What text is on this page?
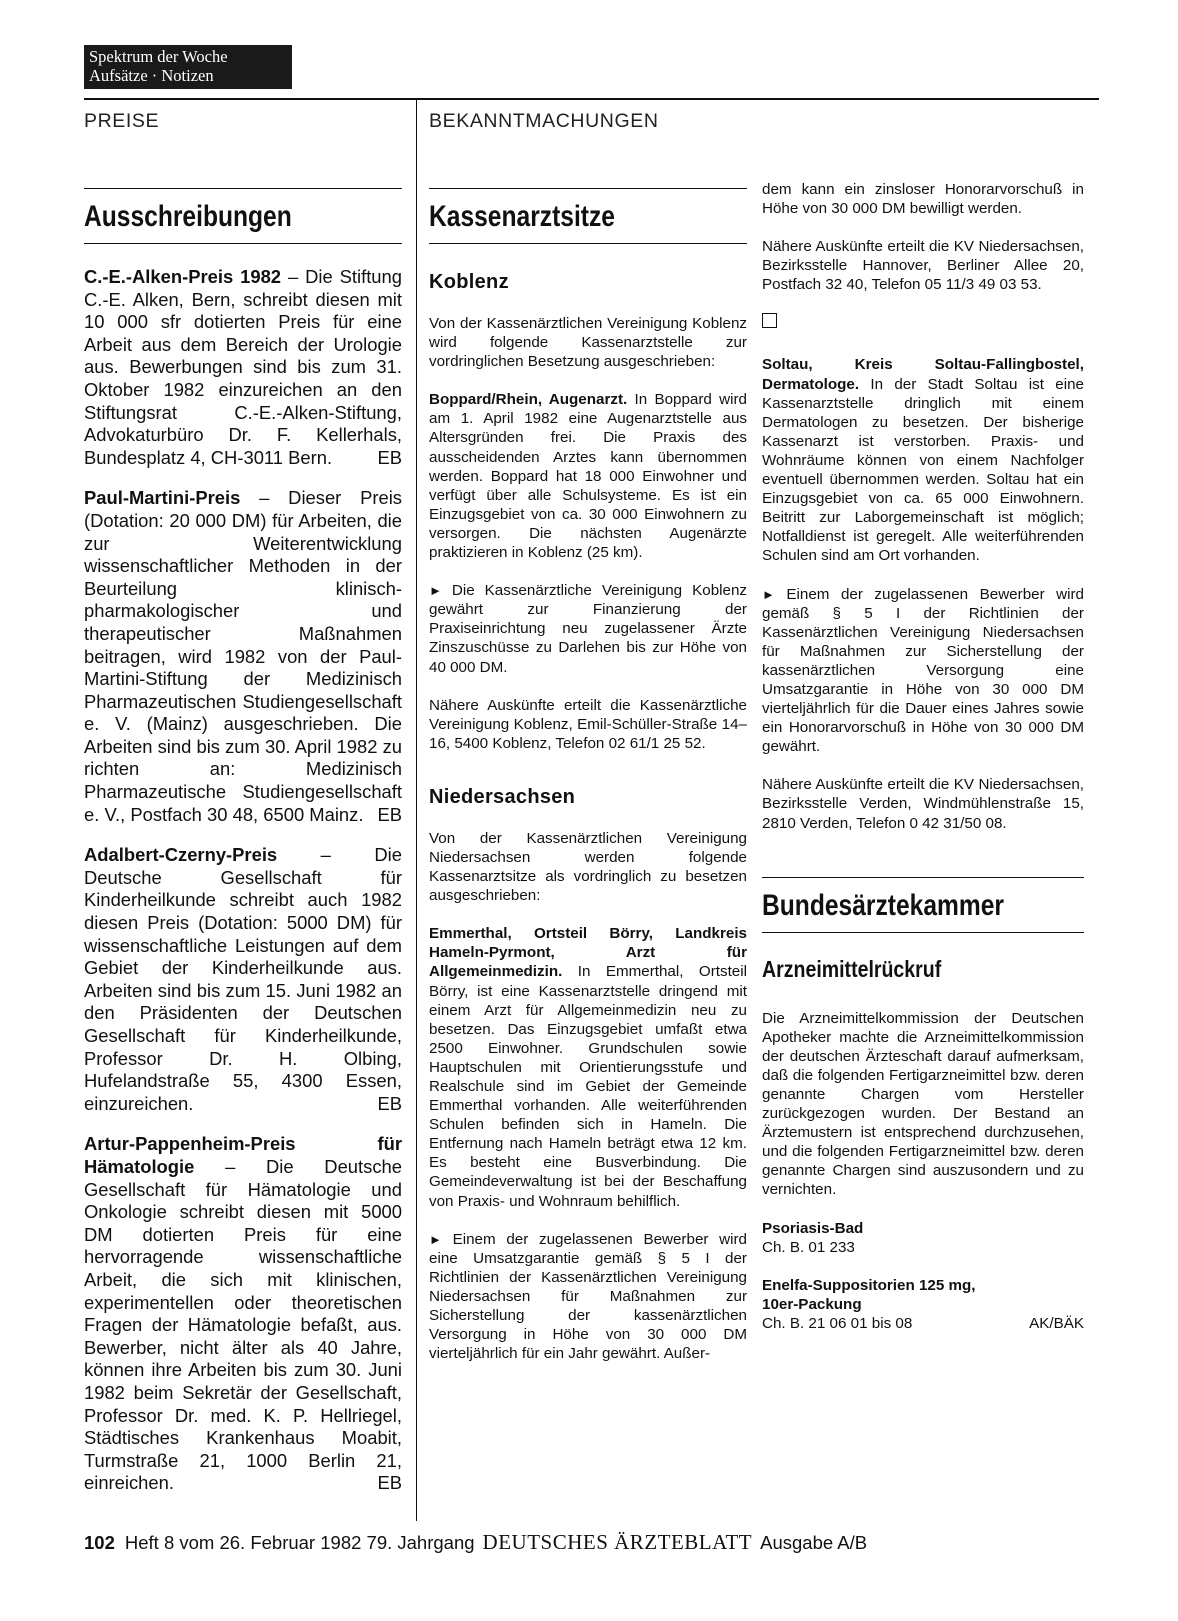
Spektrum der Woche
Aufsätze · Notizen
PREISE	BEKANNTMACHUNGEN
Ausschreibungen

C.-E.-Alken-Preis 1982 – Die Stiftung C.-E. Alken, Bern, schreibt diesen mit 10 000 sfr dotierten Preis für eine Arbeit aus dem Bereich der Urologie aus. Bewerbungen sind bis zum 31. Oktober 1982 einzureichen an den Stiftungsrat C.-E.-Alken-Stiftung, Advokaturbüro Dr. F. Kellerhals, Bundesplatz 4, CH-3011 Bern. EB

Paul-Martini-Preis – Dieser Preis (Dotation: 20 000 DM) für Arbeiten, die zur Weiterentwicklung wissenschaftlicher Methoden in der Beurteilung klinisch-pharmakologischer und therapeutischer Maßnahmen beitragen, wird 1982 von der Paul-Martini-Stiftung der Medizinisch Pharmazeutischen Studiengesellschaft e. V. (Mainz) ausgeschrieben. Die Arbeiten sind bis zum 30. April 1982 zu richten an: Medizinisch Pharmazeutische Studiengesellschaft e. V., Postfach 30 48, 6500 Mainz. EB

Adalbert-Czerny-Preis – Die Deutsche Gesellschaft für Kinderheilkunde schreibt auch 1982 diesen Preis (Dotation: 5000 DM) für wissenschaftliche Leistungen auf dem Gebiet der Kinderheilkunde aus. Arbeiten sind bis zum 15. Juni 1982 an den Präsidenten der Deutschen Gesellschaft für Kinderheilkunde, Professor Dr. H. Olbing, Hufelandstraße 55, 4300 Essen, einzureichen.	EB

Artur-Pappenheim-Preis für Hämatologie – Die Deutsche Gesellschaft für Hämatologie und Onkologie schreibt diesen mit 5000 DM dotierten Preis für eine hervorragende wissenschaftliche Arbeit, die sich mit klinischen, experimentellen oder theoretischen Fragen der Hämatologie befaßt, aus. Bewerber, nicht älter als 40 Jahre, können ihre Arbeiten bis zum 30. Juni 1982 beim Sekretär der Gesellschaft, Professor Dr. med. K. P. Hellriegel, Städtisches Krankenhaus Moabit, Turmstraße 21, 1000 Berlin 21, einreichen.	EB

Kassenarztsitze
Koblenz

Von der Kassenärztlichen Vereinigung Koblenz wird folgende Kassenarztstelle zur vordringlichen Besetzung ausgeschrieben:

Boppard/Rhein, Augenarzt. In Boppard wird am 1. April 1982 eine Augenarztstelle aus Altersgründen frei. Die Praxis des ausscheidenden Arztes kann übernommen werden. Boppard hat 18 000 Einwohner und verfügt über alle Schulsysteme. Es ist ein Einzugsgebiet von ca. 30 000 Einwohnern zu versorgen. Die nächsten Augenärzte praktizieren in Koblenz (25 km).

► Die Kassenärztliche Vereinigung Koblenz gewährt zur Finanzierung der Praxiseinrichtung neu zugelassener Ärzte Zinszuschüsse zu Darlehen bis zur Höhe von 40 000 DM.

Nähere Auskünfte erteilt die Kassenärztliche Vereinigung Koblenz, Emil-Schüller-Straße 14–16, 5400 Koblenz, Telefon 02 61/1 25 52.

Niedersachsen

Von der Kassenärztlichen Vereinigung Niedersachsen werden folgende Kassenarztsitze als vordringlich zu besetzen ausgeschrieben:

Emmerthal, Ortsteil Börry, Landkreis Hameln-Pyrmont, Arzt für Allgemeinmedizin. In Emmerthal, Ortsteil Börry, ist eine Kassenarztstelle dringend mit einem Arzt für Allgemeinmedizin neu zu besetzen. Das Einzugsgebiet umfaßt etwa 2500 Einwohner. Grundschulen sowie Hauptschulen mit Orientierungsstufe und Realschule sind im Gebiet der Gemeinde Emmerthal vorhanden. Alle weiterführenden Schulen befinden sich in Hameln. Die Entfernung nach Hameln beträgt etwa 12 km. Es besteht eine Busverbindung. Die Gemeindeverwaltung ist bei der Beschaffung von Praxis- und Wohnraum behilflich.

► Einem der zugelassenen Bewerber wird eine Umsatzgarantie gemäß § 5 I der Richtlinien der Kassenärztlichen Vereinigung Niedersachsen für Maßnahmen zur Sicherstellung der kassenärztlichen Versorgung in Höhe von 30 000 DM vierteljährlich für ein Jahr gewährt. Außer-

dem kann ein zinsloser Honorarvorschuß in Höhe von 30 000 DM bewilligt werden.

Nähere Auskünfte erteilt die KV Niedersachsen, Bezirksstelle Hannover, Berliner Allee 20, Postfach 32 40, Telefon 05 11/3 49 03 53.

Soltau, Kreis Soltau-Fallingbostel, Dermatologe. In der Stadt Soltau ist eine Kassenarztstelle dringlich mit einem Dermatologen zu besetzen. Der bisherige Kassenarzt ist verstorben. Praxis- und Wohnräume können von einem Nachfolger eventuell übernommen werden. Soltau hat ein Einzugsgebiet von ca. 65 000 Einwohnern. Beitritt zur Laborgemeinschaft ist möglich; Notfalldienst ist geregelt. Alle weiterführenden Schulen sind am Ort vorhanden.

► Einem der zugelassenen Bewerber wird gemäß § 5 I der Richtlinien der Kassenärztlichen Vereinigung Niedersachsen für Maßnahmen zur Sicherstellung der kassenärztlichen Versorgung eine Umsatzgarantie in Höhe von 30 000 DM vierteljährlich für die Dauer eines Jahres sowie ein Honorarvorschuß in Höhe von 30 000 DM gewährt.

Nähere Auskünfte erteilt die KV Niedersachsen, Bezirksstelle Verden, Windmühlenstraße 15, 2810 Verden, Telefon 0 42 31/50 08.

Bundesärztekammer
Arzneimittelrückruf

Die Arzneimittelkommission der Deutschen Apotheker machte die Arzneimittelkommission der deutschen Ärzteschaft darauf aufmerksam, daß die folgenden Fertigarzneimittel bzw. deren genannte Chargen vom Hersteller zurückgezogen wurden. Der Bestand an Ärztemustern ist entsprechend durchzusehen, und die folgenden Fertigarzneimittel bzw. deren genannte Chargen sind auszusondern und zu vernichten.

Psoriasis-Bad
Ch. B. 01 233

Enelfa-Suppositorien 125 mg,
10er-Packung
Ch. B. 21 06 01 bis 08	AK/BÄK

102 Heft 8 vom 26. Februar 1982 79. Jahrgang DEUTSCHES ÄRZTEBLATT Ausgabe A/B
